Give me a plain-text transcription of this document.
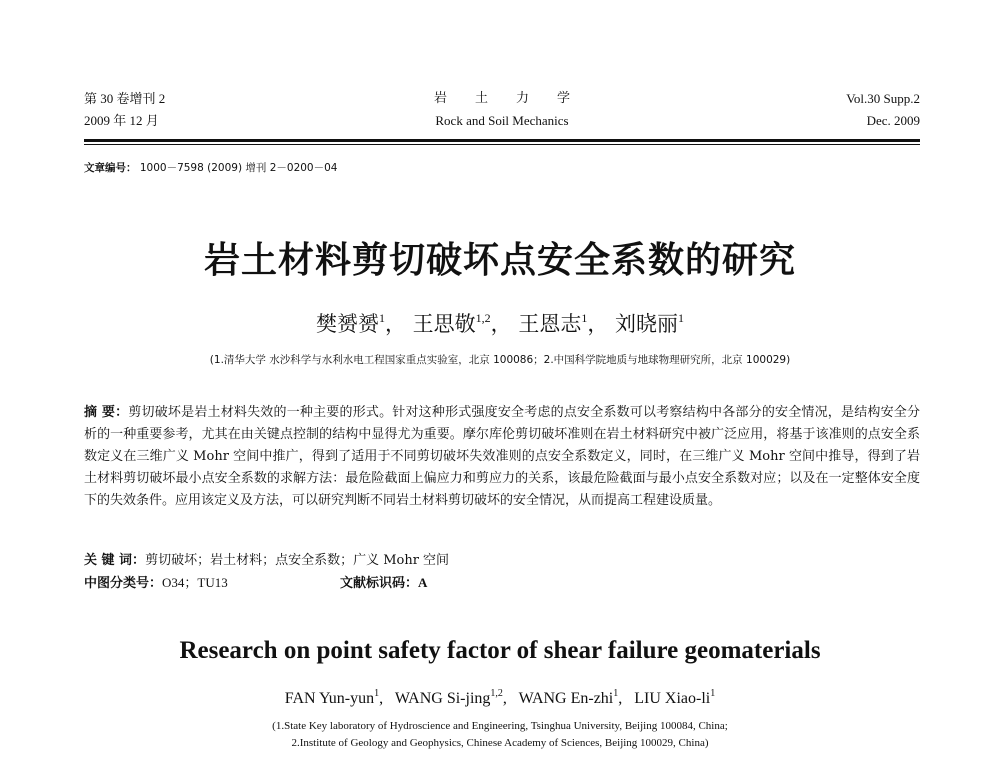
第 30 卷增刊 2
2009 年 12 月
岩土力学
Rock and Soil Mechanics
Vol.30 Supp.2
Dec. 2009
文章编号： 1000－7598 (2009) 增刊 2－0200－04
岩土材料剪切破坏点安全系数的研究
樊赟赟$^1$， 王思敬$^{1,2}$， 王恩志$^1$， 刘晓丽$^1$
(1.清华大学 水沙科学与水利水电工程国家重点实验室，北京 100086；2.中国科学院地质与地球物理研究所，北京 100029)
摘 要：剪切破坏是岩土材料失效的一种主要的形式。针对这种形式强度安全考虑的点安全系数可以考察结构中各部分的安全情况，是结构安全分析的一种重要参考，尤其在由关键点控制的结构中显得尤为重要。摩尔库伦剪切破坏准则在岩土材料研究中被广泛应用，将基于该准则的点安全系数定义在三维广义 Mohr 空间中推广，得到了适用于不同剪切破坏失效准则的点安全系数定义，同时，在三维广义 Mohr 空间中推导，得到了岩土材料剪切破坏最小点安全系数的求解方法：最危险截面上偏应力和剪应力的关系，该最危险截面与最小点安全系数对应；以及在一定整体安全度下的失效条件。应用该定义及方法，可以研究判断不同岩土材料剪切破坏的安全情况，从而提高工程建设质量。
关 键 词：剪切破坏；岩土材料；点安全系数；广义 Mohr 空间
中图分类号：O34；TU13	文献标识码：A
Research on point safety factor of shear failure geomaterials
FAN Yun-yun$^1$,   WANG Si-jing$^{1,2}$,   WANG En-zhi$^1$,   LIU Xiao-$li^1$
(1.State Key laboratory of Hydroscience and Engineering, Tsinghua University, Beijing 100084, China;
2.Institute of Geology and Geophysics, Chinese Academy of Sciences, Beijing 100029, China)
